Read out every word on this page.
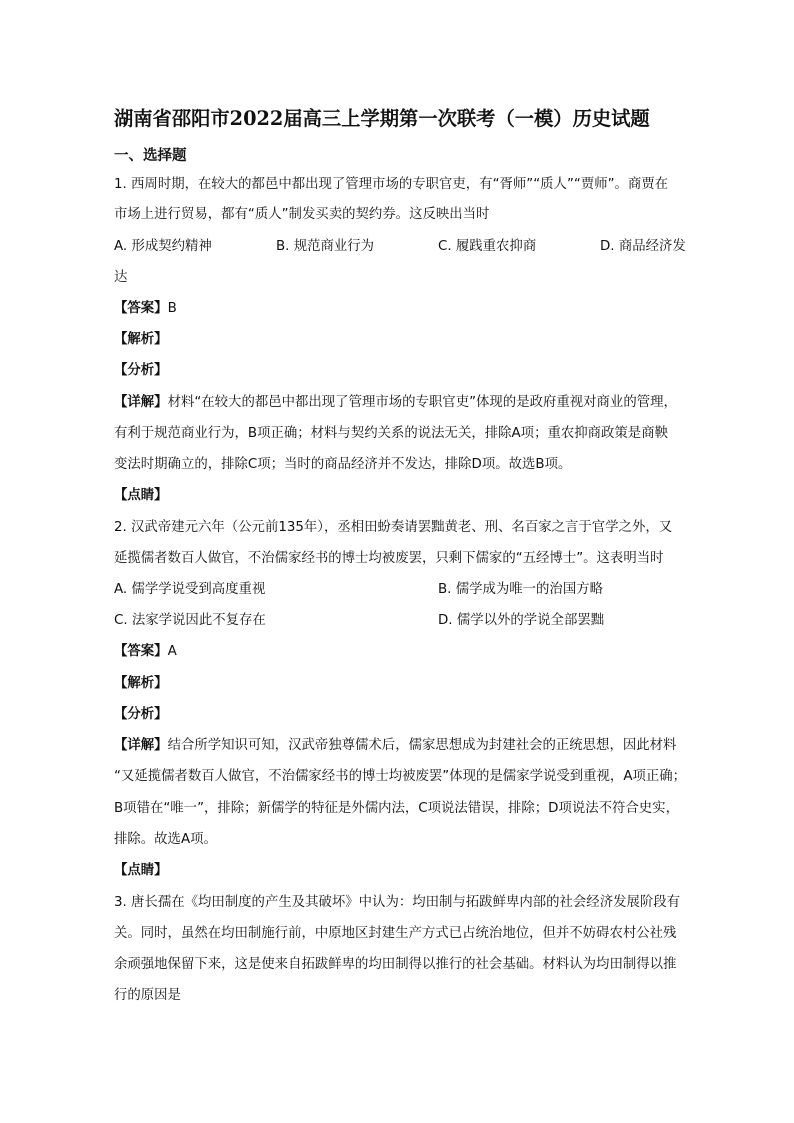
湖南省邵阳市2022届高三上学期第一次联考（一模）历史试题
一、选择题
1. 西周时期，在较大的都邑中都出现了管理市场的专职官吏，有“胥师”“质人”“贾师”。商贾在
市场上进行贸易，都有“质人”制发买卖的契约券。这反映出当时
A. 形成契约精神	B. 规范商业行为	C. 履践重农抑商	D. 商品经济发
达
【答案】B
【解析】
【分析】
【详解】材料“在较大的都邑中都出现了管理市场的专职官吏”体现的是政府重视对商业的管理，
有利于规范商业行为，B项正确；材料与契约关系的说法无关，排除A项；重农抑商政策是商鞅
变法时期确立的，排除C项；当时的商品经济并不发达，排除D项。故选B项。
【点睛】
2. 汉武帝建元六年（公元前135年），丞相田蚡奏请罢黜黄老、刑、名百家之言于官学之外，又
延揽儒者数百人做官，不治儒家经书的博士均被废罢，只剩下儒家的“五经博士”。这表明当时
A. 儒学学说受到高度重视	B. 儒学成为唯一的治国方略
C. 法家学说因此不复存在	D. 儒学以外的学说全部罢黜
【答案】A
【解析】
【分析】
【详解】结合所学知识可知，汉武帝独尊儒术后，儒家思想成为封建社会的正统思想，因此材料
“又延揽儒者数百人做官，不治儒家经书的博士均被废罢”体现的是儒家学说受到重视，A项正确；
B项错在“唯一”，排除；新儒学的特征是外儒内法，C项说法错误，排除；D项说法不符合史实，
排除。故选A项。
【点睛】
3. 唐长孺在《均田制度的产生及其破坏》中认为：均田制与拓跋鲜卑内部的社会经济发展阶段有
关。同时，虽然在均田制施行前，中原地区封建生产方式已占统治地位，但并不妨碍农村公社残
余顽强地保留下来，这是使来自拓跋鲜卑的均田制得以推行的社会基础。材料认为均田制得以推
行的原因是
